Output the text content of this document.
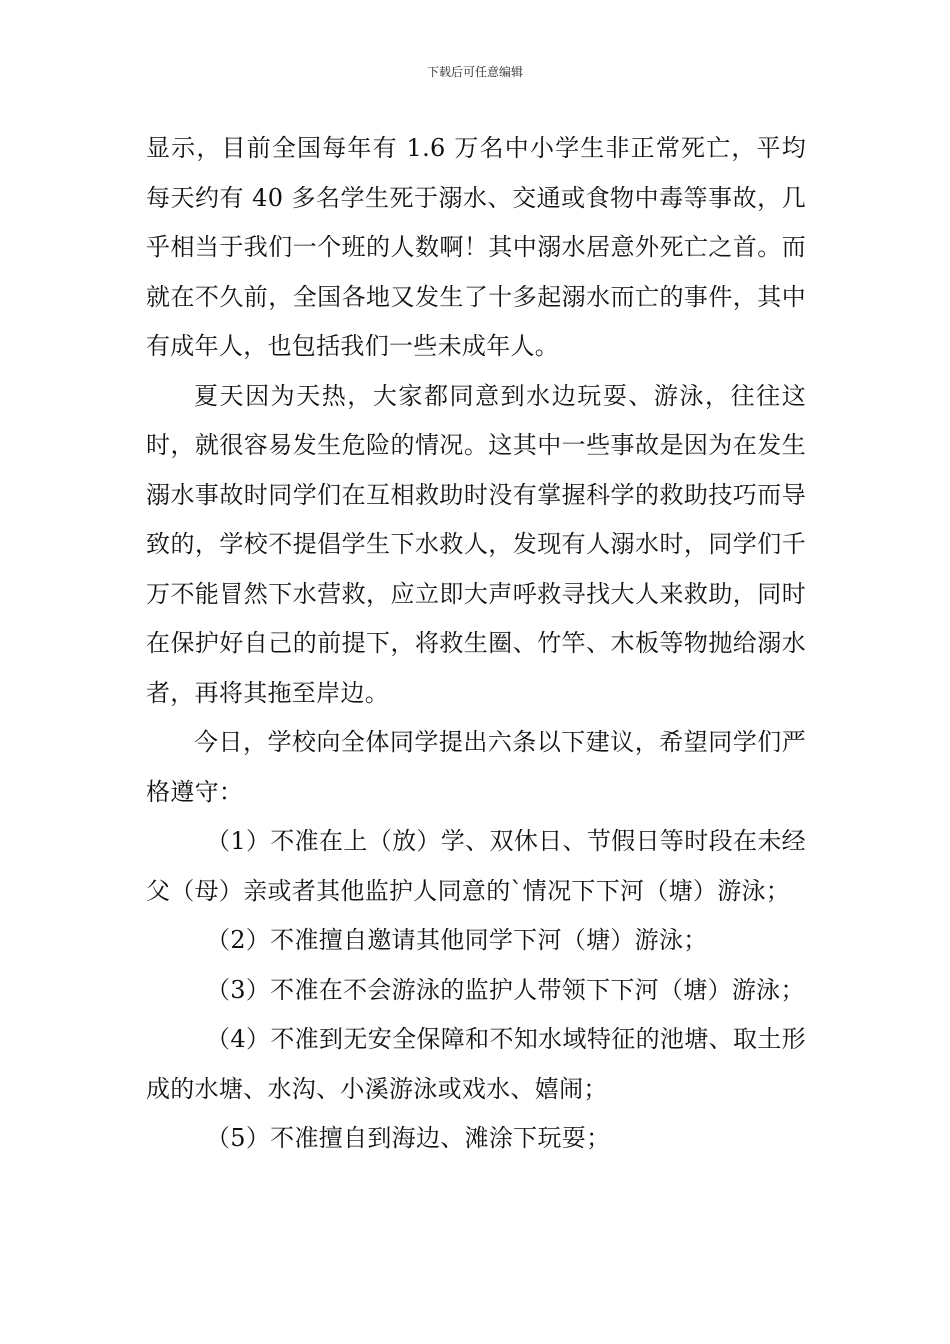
下载后可任意编辑

显示，目前全国每年有 1.6 万名中小学生非正常死亡，平均每天约有 40 多名学生死于溺水、交通或食物中毒等事故，几乎相当于我们一个班的人数啊！其中溺水居意外死亡之首。而就在不久前，全国各地又发生了十多起溺水而亡的事件，其中有成年人，也包括我们一些未成年人。

夏天因为天热，大家都同意到水边玩耍、游泳，往往这时，就很容易发生危险的情况。这其中一些事故是因为在发生溺水事故时同学们在互相救助时没有掌握科学的救助技巧而导致的，学校不提倡学生下水救人，发现有人溺水时，同学们千万不能冒然下水营救，应立即大声呼救寻找大人来救助，同时在保护好自己的前提下，将救生圈、竹竿、木板等物抛给溺水者，再将其拖至岸边。

今日，学校向全体同学提出六条以下建议，希望同学们严格遵守：

（1）不准在上（放）学、双休日、节假日等时段在未经父（母）亲或者其他监护人同意的`情况下下河（塘）游泳；

（2）不准擅自邀请其他同学下河（塘）游泳；

（3）不准在不会游泳的监护人带领下下河（塘）游泳；

（4）不准到无安全保障和不知水域特征的池塘、取土形成的水塘、水沟、小溪游泳或戏水、嬉闹；

（5）不准擅自到海边、滩涂下玩耍；
